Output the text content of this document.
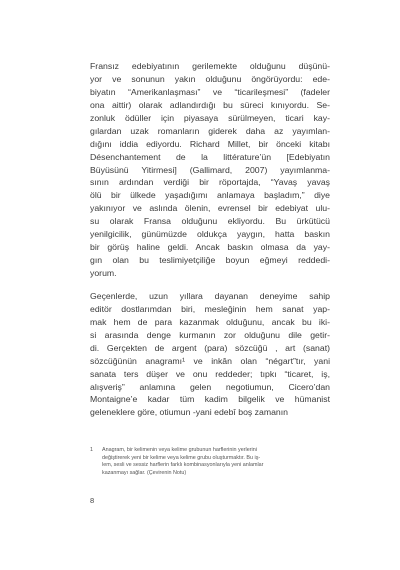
Fransız edebiyatının gerilemekte olduğunu düşünü-
yor ve sonunun yakın olduğunu öngörüyordu: ede-
biyatın “Amerikanlaşması” ve “ticarileşmesi” (fadeler
ona aittir) olarak adlandırdığı bu süreci kınıyordu. Se-
zonluk ödüller için piyasaya sürülmeyen, ticari kay-
gılardan uzak romanların giderek daha az yayımlan-
dığını iddia ediyordu. Richard Millet, bir önceki kitabı
Désenchantement de la littérature’ün [Edebiyatın
Büyüsünü Yitirmesi] (Gallimard, 2007) yayımlanma-
sının ardından verdiği bir röportajda, “Yavaş yavaş
ölü bir ülkede yaşadığımı anlamaya başladım,” diye
yakınıyor ve aslında ölenin, evrensel bir edebiyat ulu-
su olarak Fransa olduğunu ekliyordu. Bu ürkütücü
yenilgicilik, günümüzde oldukça yaygın, hatta baskın
bir görüş haline geldi. Ancak baskın olmasa da yay-
gın olan bu teslimiyetçiliğe boyun eğmeyi reddedi-
yorum.
Geçenlerde, uzun yıllara dayanan deneyime sahip
editör dostlarımdan biri, mesleğinin hem sanat yap-
mak hem de para kazanmak olduğunu, ancak bu iki-
si arasında denge kurmanın zor olduğunu dile getir-
di. Gerçekten de argent (para) sözcüğü , art (sanat)
sözcüğünün anagramı¹ ve inkân olan “négart”tır, yani
sanata ters düşer ve onu reddeder; tıpkı “ticaret, iş,
alışveriş” anlamına gelen negotiumun, Cicero’dan
Montaigne’e kadar tüm kadim bilgelik ve hümanist
geleneklere göre, otiumun -yani edebî boş zamanın
1 Anagram, bir kelimenin veya kelime grubunun harflerinin yerlerini
değiştirerek yeni bir kelime veya kelime grubu oluşturmaktır. Bu iş-
lem, sesli ve sessiz harflerin farklı kombinasyonlarıyla yeni anlamlar
kazanmayı sağlar. (Çevirenin Notu)
8
